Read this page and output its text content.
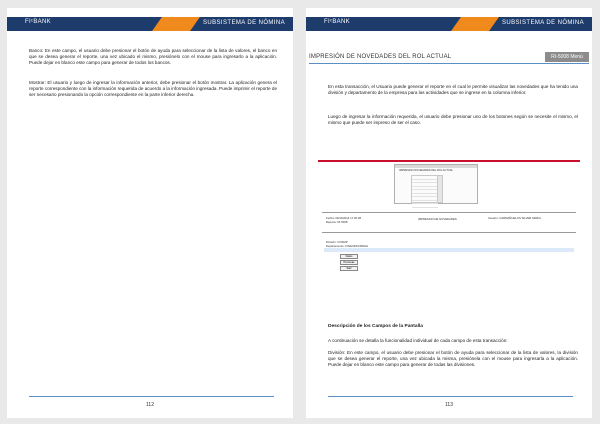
FIᶜBANK	SUBSISTEMA DE NÓMINA
Banco: En este campo, el usuario debe presionar el botón de ayuda para seleccionar de la lista de valores, el banco en que se desea generar el reporte, una vez ubicado el mismo, presiónelo con el mouse para ingresarlo a la aplicación. Puede dejar en blanco este campo para generar de todos los bancos.
Mostrar: El usuario y luego de ingresar la información anterior, debe presionar el botón mostrar. La aplicación genera el reporte correspondiente con la información requerida de acuerdo a la información ingresada. Puede imprimir el reporte de ser necesario presionando la opción correspondiente en la parte inferior derecha.
112
FIᶜBANK	SUBSISTEMA DE NÓMINA
IMPRESIÓN DE NOVEDADES DEL ROL ACTUAL	RI-5008 Menú
En esta transacción, el Usuario puede generar el reporte en el cual le permite visualizar las novedades que ha tenido una división y departamento de la empresa para las actividades que se ingrese en la columna inferior.
Luego de ingresar la información requerida, el usuario debe presionar uno de los botones según se necesite el mismo, el mismo que puede ser impreso de ser el caso.
IMPRESION NOVEDADES DEL ROL ACTUAL
Fecha: 09/10/2014 17:30:38
Reporte: RI-5008
IMPRESION DE NOVEDADES	Usuario: CARMAÑUELOS SILVER MARIA
División: COSMP
Departamento: FINANZAS/RRHH
Datos
Personas
Salir
Descripción de los Campos de la Pantalla
A continuación se detalla la funcionalidad individual de cada campo de esta transacción:
División: En este campo, el usuario debe presionar el botón de ayuda para seleccionar de la lista de valores, la división que se desea generar el reporte, una vez ubicada la misma, presiónela con el mouse para ingresarla a la aplicación. Puede dejar en blanco este campo para generar de todas las divisiones.
113
